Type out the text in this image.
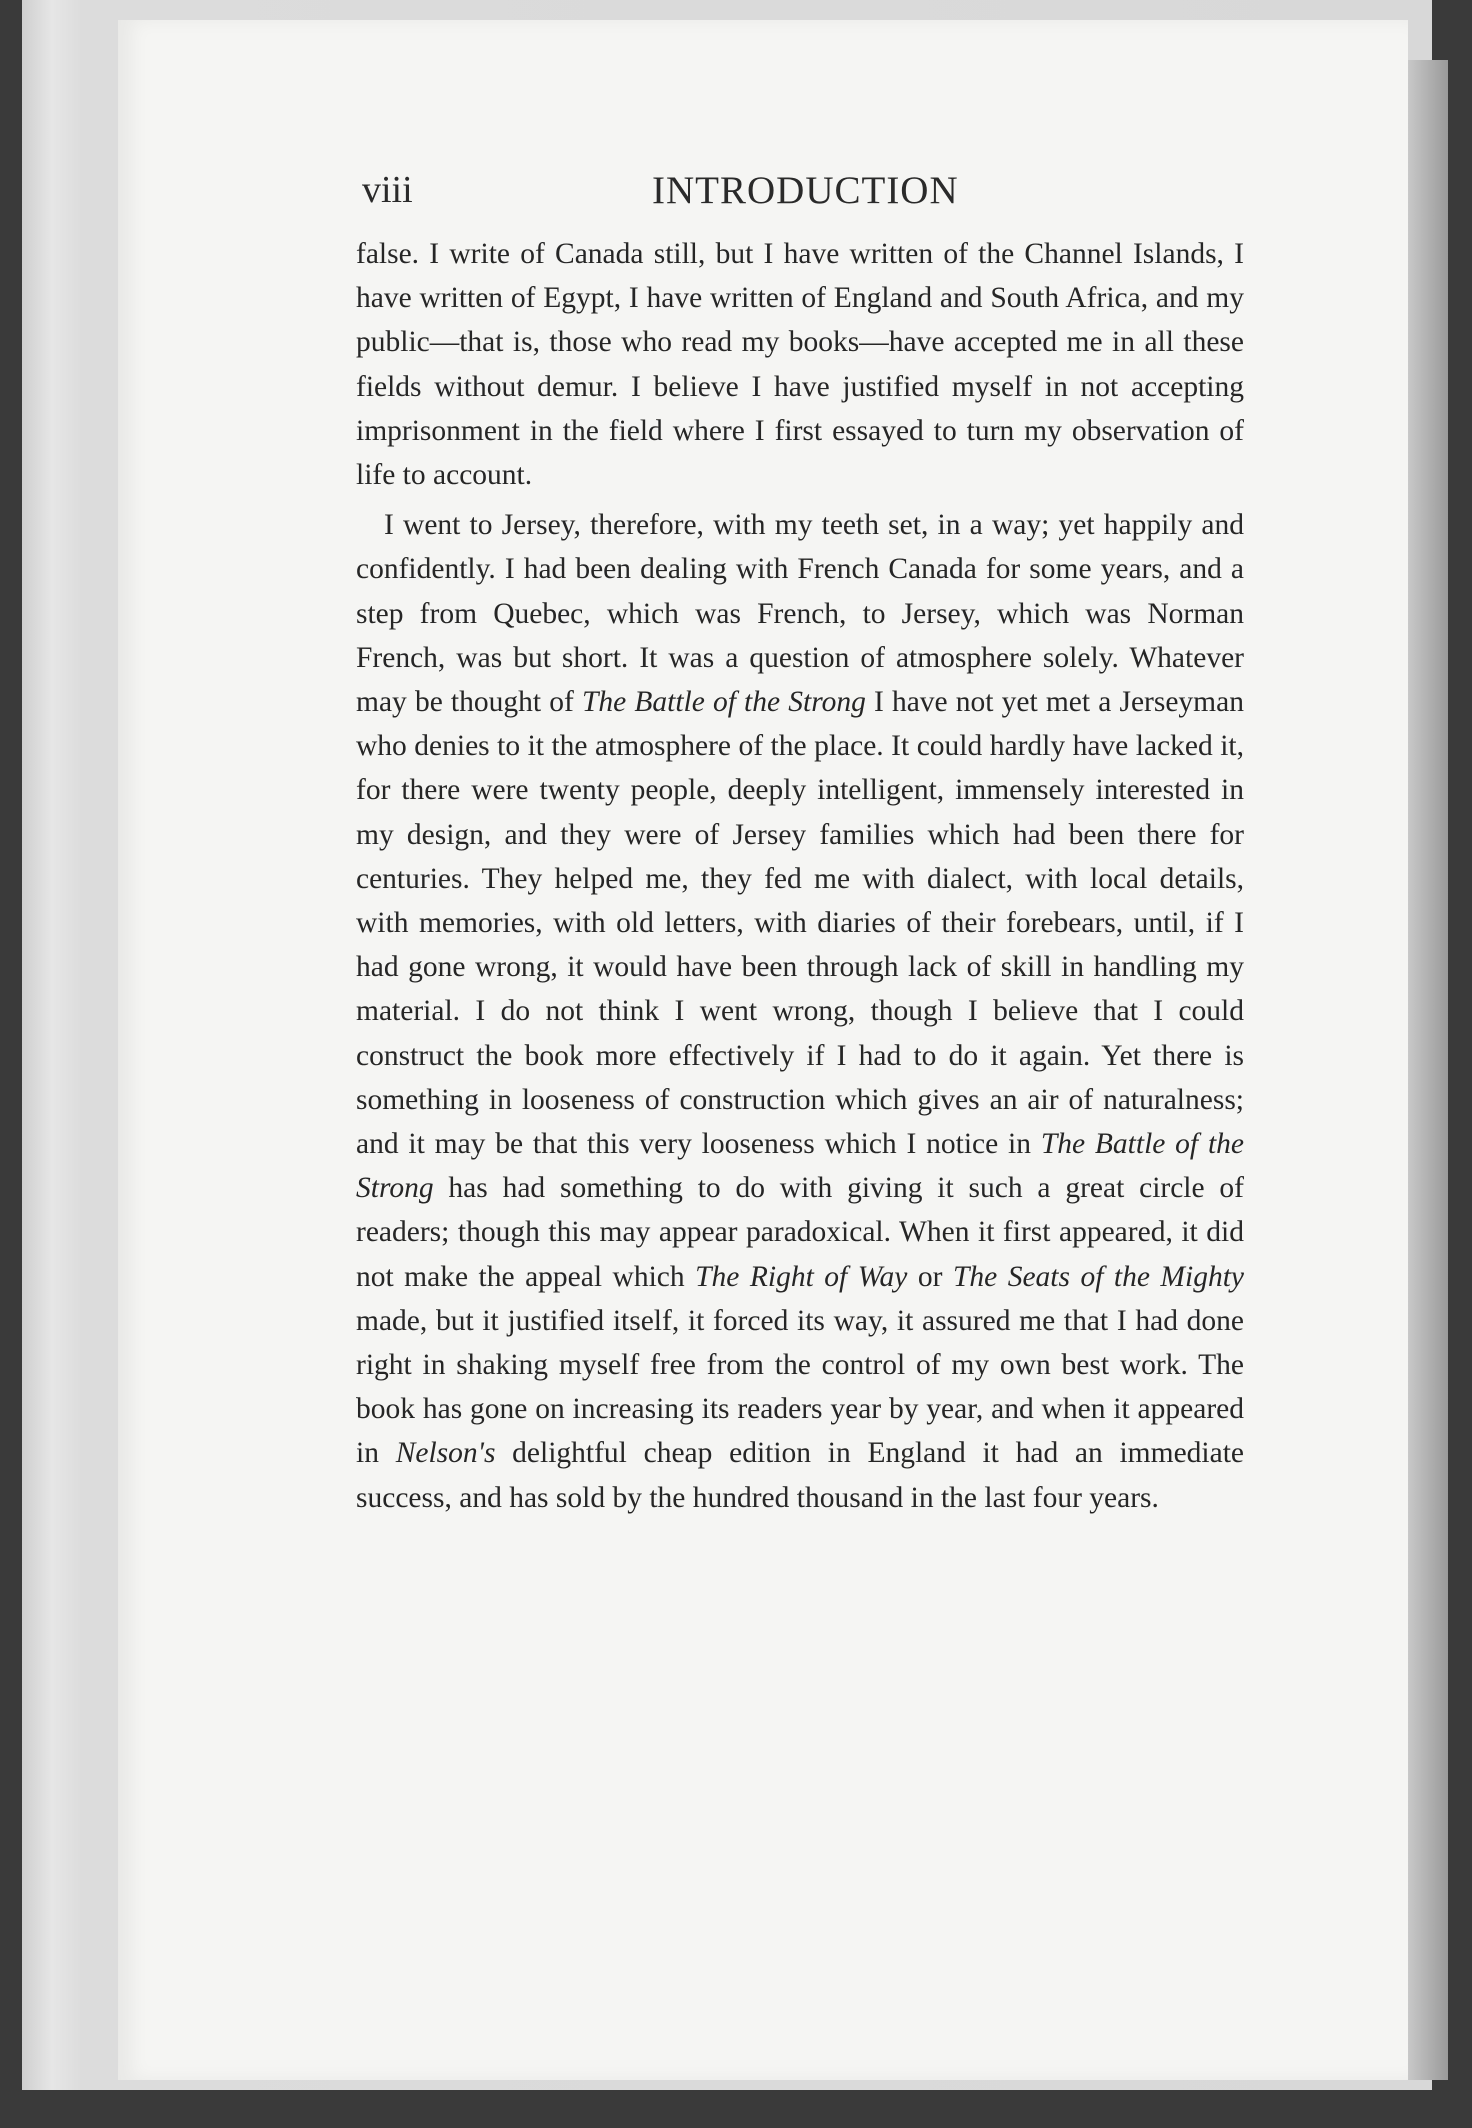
viii	INTRODUCTION

false. I write of Canada still, but I have written of the Channel Islands, I have written of Egypt, I have written of England and South Africa, and my public—that is, those who read my books—have accepted me in all these fields without demur. I believe I have justified myself in not accepting imprisonment in the field where I first essayed to turn my observation of life to account.

I went to Jersey, therefore, with my teeth set, in a way; yet happily and confidently. I had been dealing with French Canada for some years, and a step from Quebec, which was French, to Jersey, which was Norman French, was but short. It was a question of atmosphere solely. Whatever may be thought of The Battle of the Strong I have not yet met a Jerseyman who denies to it the atmosphere of the place. It could hardly have lacked it, for there were twenty people, deeply intelligent, immensely interested in my design, and they were of Jersey families which had been there for centuries. They helped me, they fed me with dialect, with local details, with memories, with old letters, with diaries of their forebears, until, if I had gone wrong, it would have been through lack of skill in handling my material. I do not think I went wrong, though I believe that I could construct the book more effectively if I had to do it again. Yet there is something in looseness of construction which gives an air of naturalness; and it may be that this very looseness which I notice in The Battle of the Strong has had something to do with giving it such a great circle of readers; though this may appear paradoxical. When it first appeared, it did not make the appeal which The Right of Way or The Seats of the Mighty made, but it justified itself, it forced its way, it assured me that I had done right in shaking myself free from the control of my own best work. The book has gone on increasing its readers year by year, and when it appeared in Nelson's delightful cheap edition in England it had an immediate success, and has sold by the hundred thousand in the last four years.
